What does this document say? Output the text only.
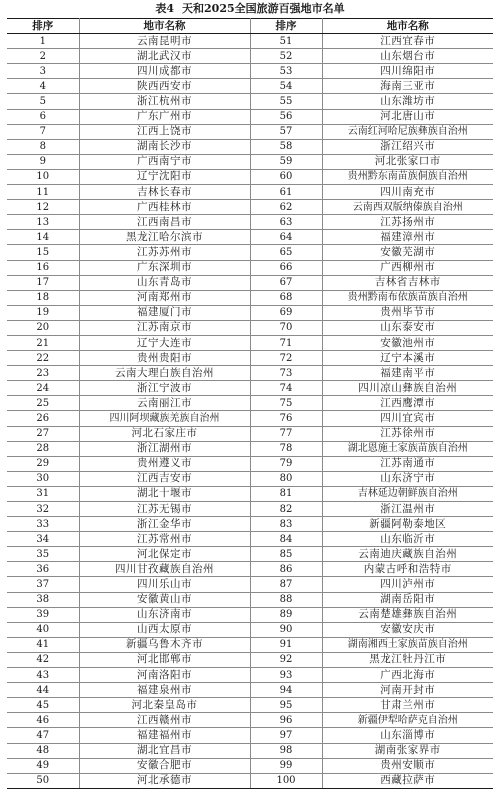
表4 天和2025全国旅游百强地市名单
排序	地市名称	排序	地市名称
1	云南昆明市	51	江西宜春市
2	湖北武汉市	52	山东烟台市
3	四川成都市	53	四川绵阳市
4	陕西西安市	54	海南三亚市
5	浙江杭州市	55	山东潍坊市
6	广东广州市	56	河北唐山市
7	江西上饶市	57	云南红河哈尼族彝族自治州
8	湖南长沙市	58	浙江绍兴市
9	广西南宁市	59	河北张家口市
10	辽宁沈阳市	60	贵州黔东南苗族侗族自治州
11	吉林长春市	61	四川南充市
12	广西桂林市	62	云南西双版纳傣族自治州
13	江西南昌市	63	江苏扬州市
14	黑龙江哈尔滨市	64	福建漳州市
15	江苏苏州市	65	安徽芜湖市
16	广东深圳市	66	广西柳州市
17	山东青岛市	67	吉林省吉林市
18	河南郑州市	68	贵州黔南布依族苗族自治州
19	福建厦门市	69	贵州毕节市
20	江苏南京市	70	山东泰安市
21	辽宁大连市	71	安徽池州市
22	贵州贵阳市	72	辽宁本溪市
23	云南大理白族自治州	73	福建南平市
24	浙江宁波市	74	四川凉山彝族自治州
25	云南丽江市	75	江西鹰潭市
26	四川阿坝藏族羌族自治州	76	四川宜宾市
27	河北石家庄市	77	江苏徐州市
28	浙江湖州市	78	湖北恩施土家族苗族自治州
29	贵州遵义市	79	江苏南通市
30	江西吉安市	80	山东济宁市
31	湖北十堰市	81	吉林延边朝鲜族自治州
32	江苏无锡市	82	浙江温州市
33	浙江金华市	83	新疆阿勒泰地区
34	江苏常州市	84	山东临沂市
35	河北保定市	85	云南迪庆藏族自治州
36	四川甘孜藏族自治州	86	内蒙古呼和浩特市
37	四川乐山市	87	四川泸州市
38	安徽黄山市	88	湖南岳阳市
39	山东济南市	89	云南楚雄彝族自治州
40	山西太原市	90	安徽安庆市
41	新疆乌鲁木齐市	91	湖南湘西土家族苗族自治州
42	河北邯郸市	92	黑龙江牡丹江市
43	河南洛阳市	93	广西北海市
44	福建泉州市	94	河南开封市
45	河北秦皇岛市	95	甘肃兰州市
46	江西赣州市	96	新疆伊犁哈萨克自治州
47	福建福州市	97	山东淄博市
48	湖北宜昌市	98	湖南张家界市
49	安徽合肥市	99	贵州安顺市
50	河北承德市	100	西藏拉萨市
